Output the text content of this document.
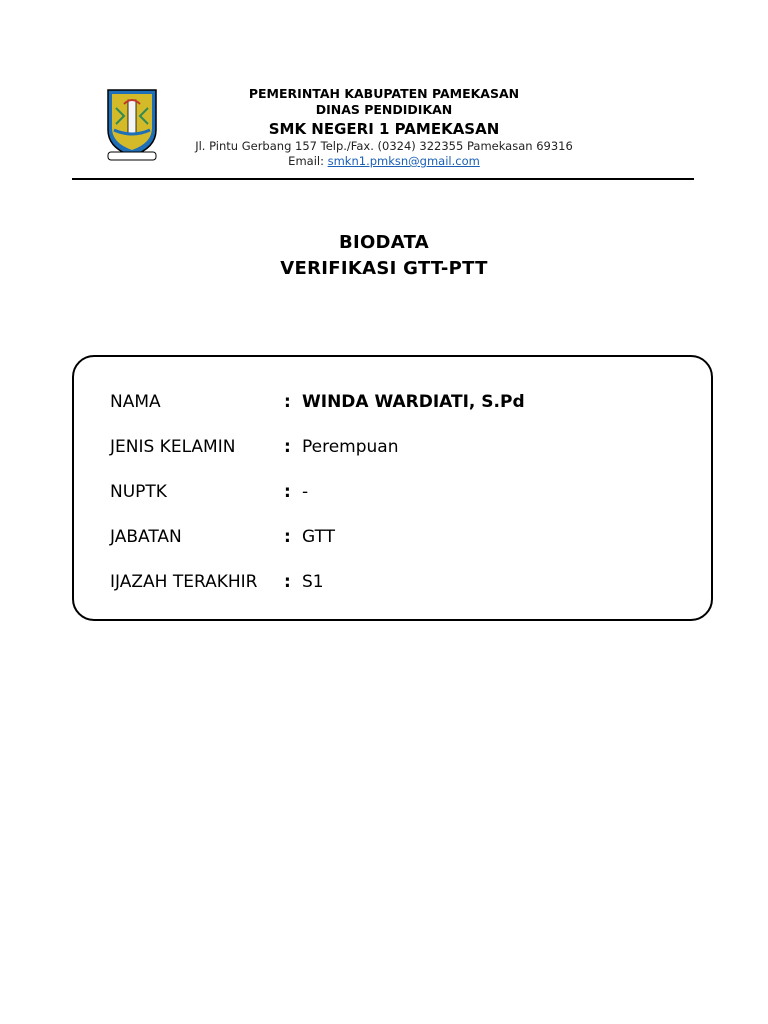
PEMERINTAH KABUPATEN PAMEKASAN
DINAS PENDIDIKAN
SMK NEGERI 1 PAMEKASAN
Jl. Pintu Gerbang 157 Telp./Fax. (0324) 322355 Pamekasan 69316
Email: smkn1.pmksn@gmail.com
BIODATA
VERIFIKASI GTT-PTT
NAMA	: WINDA WARDIATI, S.Pd
JENIS KELAMIN	: Perempuan
NUPTK	: -
JABATAN	: GTT
IJAZAH TERAKHIR	: S1
